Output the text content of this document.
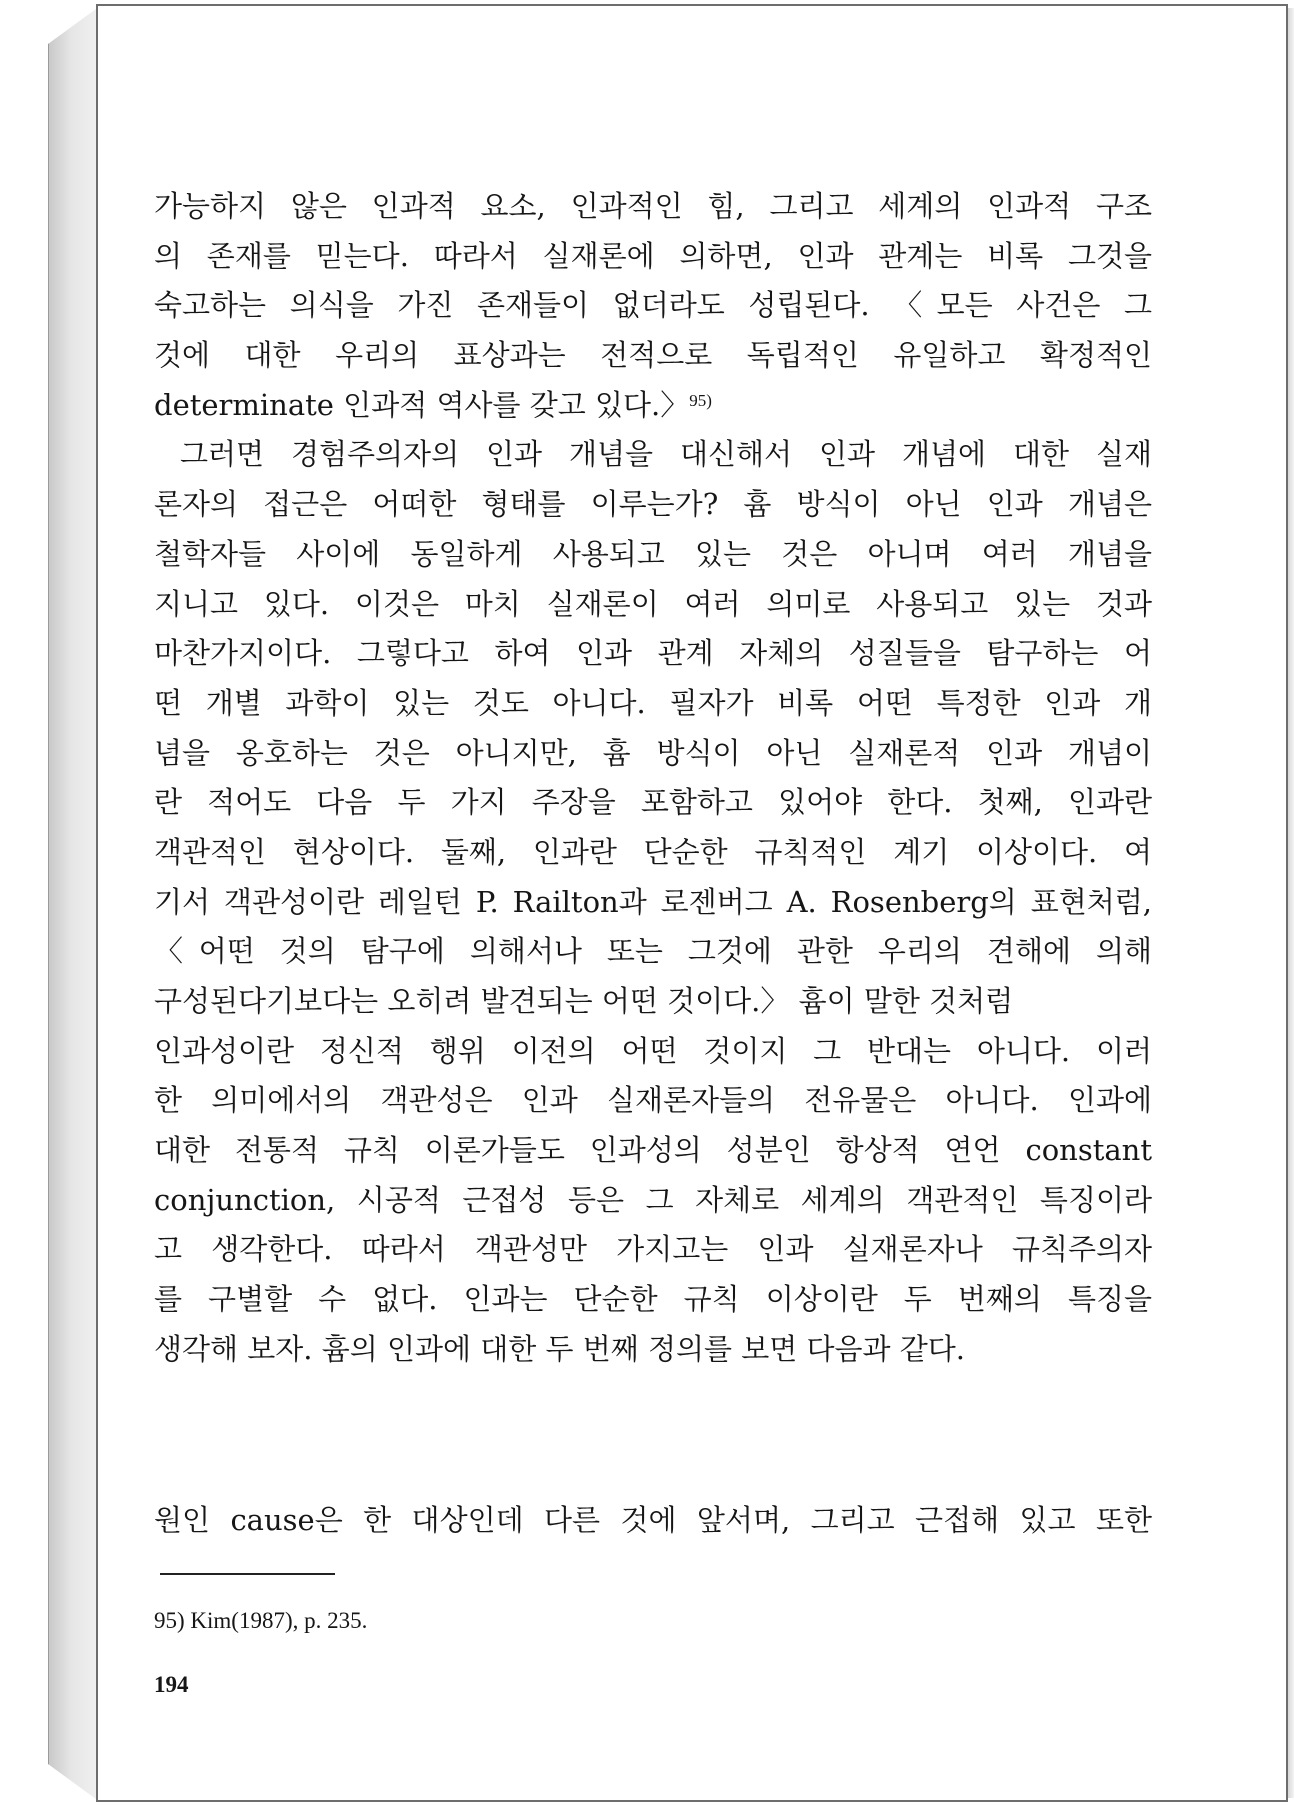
가능하지 않은 인과적 요소, 인과적인 힘, 그리고 세계의 인과적 구조
의 존재를 믿는다. 따라서 실재론에 의하면, 인과 관계는 비록 그것을
숙고하는 의식을 가진 존재들이 없더라도 성립된다. 〈모든 사건은 그
것에 대한 우리의 표상과는 전적으로 독립적인 유일하고 확정적인
determinate 인과적 역사를 갖고 있다.〉$^{95)}$
그러면 경험주의자의 인과 개념을 대신해서 인과 개념에 대한 실재
론자의 접근은 어떠한 형태를 이루는가? 흄 방식이 아닌 인과 개념은
철학자들 사이에 동일하게 사용되고 있는 것은 아니며 여러 개념을
지니고 있다. 이것은 마치 실재론이 여러 의미로 사용되고 있는 것과
마찬가지이다. 그렇다고 하여 인과 관계 자체의 성질들을 탐구하는 어
떤 개별 과학이 있는 것도 아니다. 필자가 비록 어떤 특정한 인과 개
념을 옹호하는 것은 아니지만, 흄 방식이 아닌 실재론적 인과 개념이
란 적어도 다음 두 가지 주장을 포함하고 있어야 한다. 첫째, 인과란
객관적인 현상이다. 둘째, 인과란 단순한 규칙적인 계기 이상이다. 여
기서 객관성이란 레일턴 P. Railton과 로젠버그 A. Rosenberg의 표현처럼,
〈어떤 것의 탐구에 의해서나 또는 그것에 관한 우리의 견해에 의해
구성된다기보다는 오히려 발견되는 어떤 것이다.〉 흄이 말한 것처럼
인과성이란 정신적 행위 이전의 어떤 것이지 그 반대는 아니다. 이러
한 의미에서의 객관성은 인과 실재론자들의 전유물은 아니다. 인과에
대한 전통적 규칙 이론가들도 인과성의 성분인 항상적 연언 constant
conjunction, 시공적 근접성 등은 그 자체로 세계의 객관적인 특징이라
고 생각한다. 따라서 객관성만 가지고는 인과 실재론자나 규칙주의자
를 구별할 수 없다. 인과는 단순한 규칙 이상이란 두 번째의 특징을
생각해 보자. 흄의 인과에 대한 두 번째 정의를 보면 다음과 같다.
원인 cause은 한 대상인데 다른 것에 앞서며, 그리고 근접해 있고 또한
95) Kim(1987), p. 235.
194
